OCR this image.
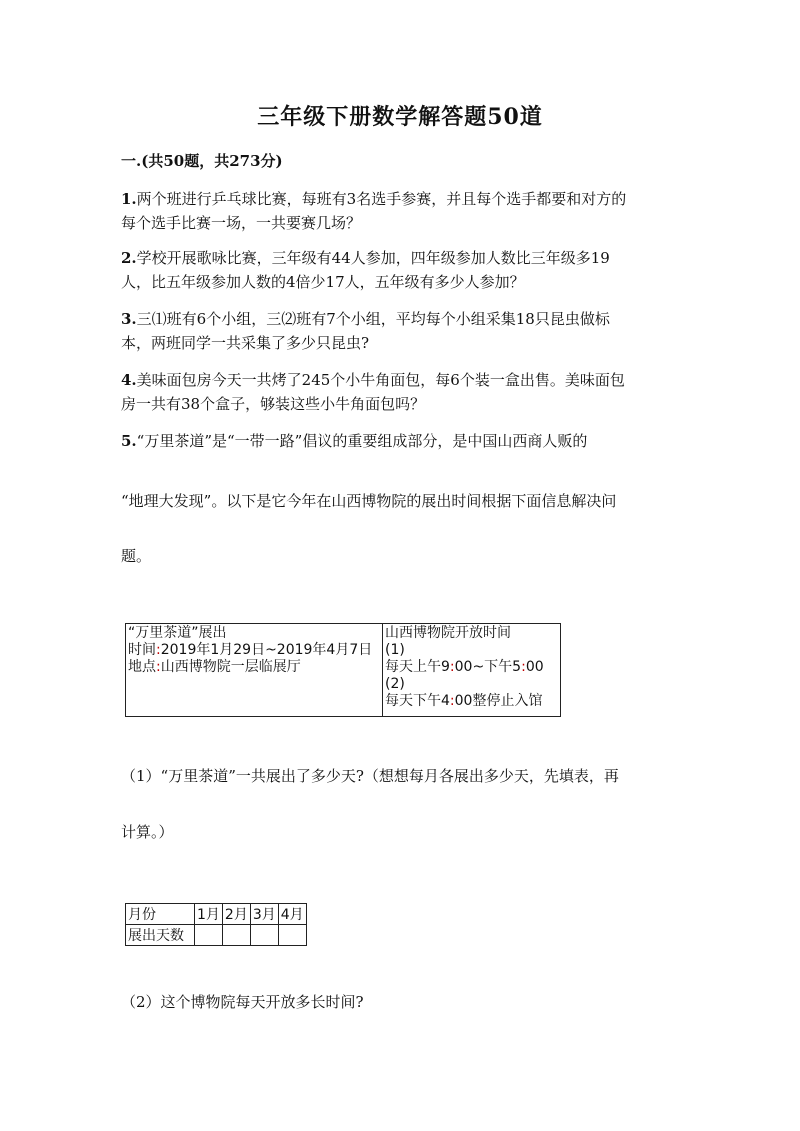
三年级下册数学解答题50道
一.(共50题，共273分)
1.两个班进行乒乓球比赛，每班有3名选手参赛，并且每个选手都要和对方的
每个选手比赛一场，一共要赛几场？
2.学校开展歌咏比赛，三年级有44人参加，四年级参加人数比三年级多19
人，比五年级参加人数的4倍少17人，五年级有多少人参加？
3.三⑴班有6个小组，三⑵班有7个小组，平均每个小组采集18只昆虫做标
本，两班同学一共采集了多少只昆虫?
4.美味面包房今天一共烤了245个小牛角面包，每6个装一盒出售。美味面包
房一共有38个盒子，够装这些小牛角面包吗？
5.“万里茶道”是“一带一路”倡议的重要组成部分，是中国山西商人贩的
“地理大发现”。以下是它今年在山西博物院的展出时间根据下面信息解决问
题。
“万里茶道”展出
时间:2019年1月29日~2019年4月7日
地点:山西博物院一层临展厅

山西博物院开放时间
(1)
每天上午9:00~下午5:00
(2)
每天下午4:00整停止入馆
（1）“万里茶道”一共展出了多少天?（想想每月各展出多少天，先填表，再
计算。）
月份	1月	2月	3月	4月
展出天数				
（2）这个博物院每天开放多长时间?
